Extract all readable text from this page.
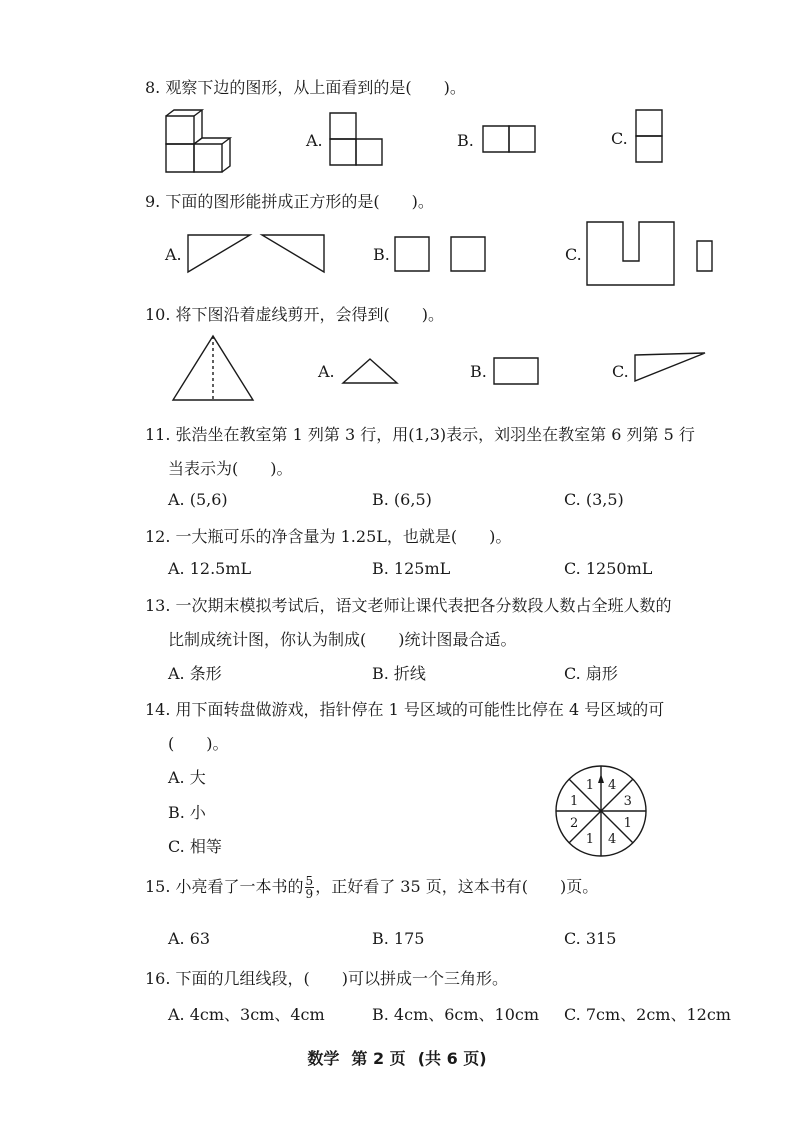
8. 观察下边的图形，从上面看到的是(　　)。
A.	B.	C.
9. 下面的图形能拼成正方形的是(　　)。
A.	B.	C.
10. 将下图沿着虚线剪开，会得到(　　)。
A.	B.	C.
11. 张浩坐在教室第 1 列第 3 行，用(1,3)表示，刘羽坐在教室第 6 列第 5 行
当表示为(　　)。
A. (5,6)	B. (6,5)	C. (3,5)
12. 一大瓶可乐的净含量为 1.25L，也就是(　　)。
A. 12.5mL	B. 125mL	C. 1250mL
13. 一次期末模拟考试后，语文老师让课代表把各分数段人数占全班人数的
比制成统计图，你认为制成(　　)统计图最合适。
A. 条形	B. 折线	C. 扇形
14. 用下面转盘做游戏，指针停在 1 号区域的可能性比停在 4 号区域的可
(　　)。
A. 大
B. 小
C. 相等
1 4
3
1
4
1
2
1
15. 小亮看了一本书的 $\frac{5}{9}$ ，正好看了 35 页，这本书有(　　)页。
A. 63	B. 175	C. 315
16. 下面的几组线段，(　　)可以拼成一个三角形。
A. 4cm、3cm、4cm	B. 4cm、6cm、10cm C. 7cm、2cm、12cm
数学 第 2 页 (共 6 页)
